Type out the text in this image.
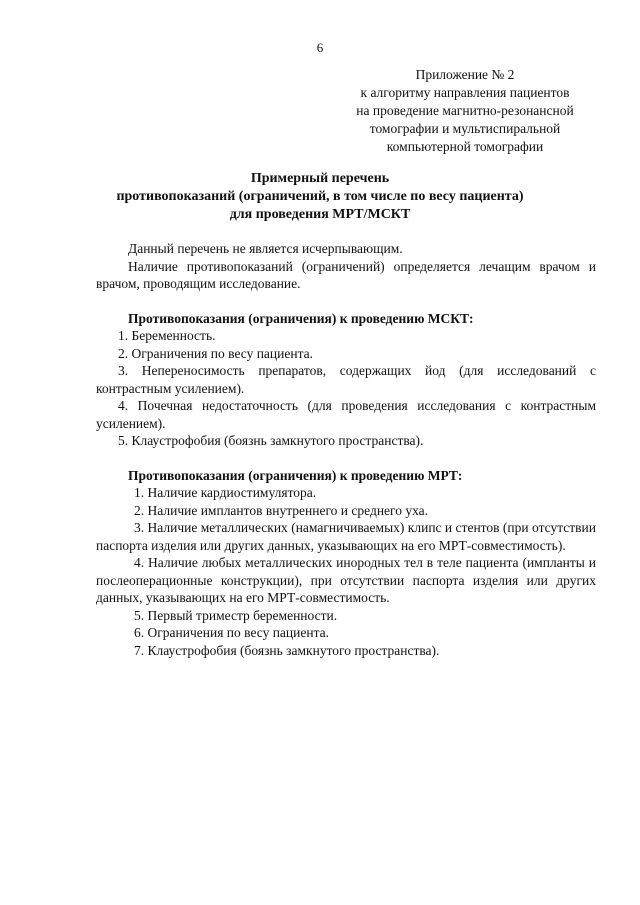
6
Приложение № 2
к алгоритму направления пациентов
на проведение магнитно-резонансной
томографии и мультиспиральной
компьютерной томографии
Примерный перечень
противопоказаний (ограничений, в том числе по весу пациента)
для проведения МРТ/МСКТ

Данный перечень не является исчерпывающим.

Наличие противопоказаний (ограничений) определяется лечащим врачом и врачом, проводящим исследование.

Противопоказания (ограничения) к проведению МСКТ:

1. Беременность.

2. Ограничения по весу пациента.

3. Непереносимость препаратов, содержащих йод (для исследований с контрастным усилением).

4. Почечная недостаточность (для проведения исследования с контрастным усилением).

5. Клаустрофобия (боязнь замкнутого пространства).

Противопоказания (ограничения) к проведению МРТ:

1. Наличие кардиостимулятора.

2. Наличие имплантов внутреннего и среднего уха.

3. Наличие металлических (намагничиваемых) клипс и стентов (при отсутствии паспорта изделия или других данных, указывающих на его МРТ-совместимость).

4. Наличие любых металлических инородных тел в теле пациента (импланты и послеоперационные конструкции), при отсутствии паспорта изделия или других данных, указывающих на его МРТ-совместимость.

5. Первый триместр беременности.

6. Ограничения по весу пациента.

7. Клаустрофобия (боязнь замкнутого пространства).
